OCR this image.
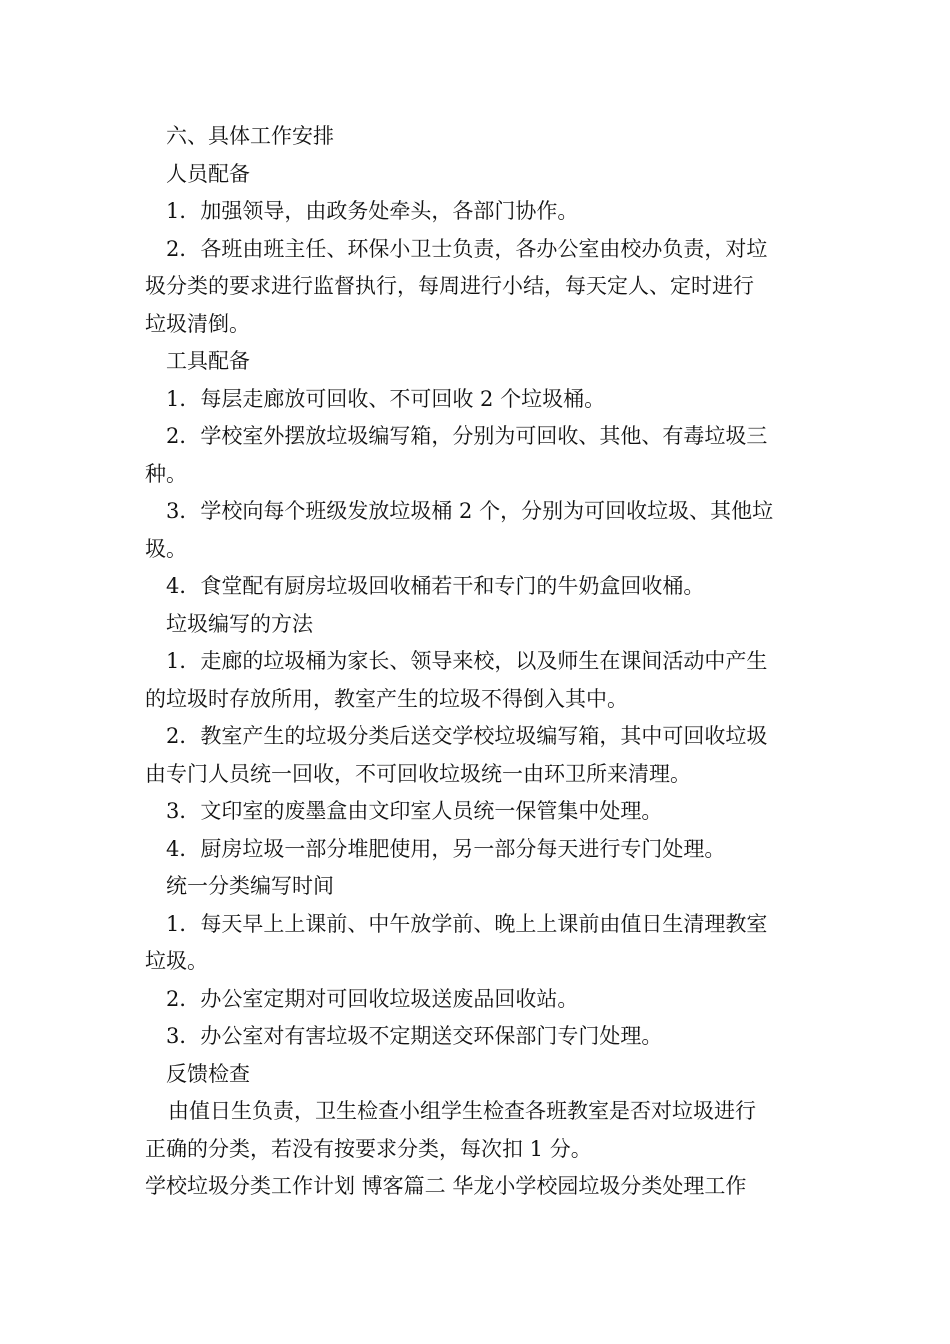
六、具体工作安排
人员配备
1．加强领导，由政务处牵头，各部门协作。
2．各班由班主任、环保小卫士负责，各办公室由校办负责，对垃
圾分类的要求进行监督执行，每周进行小结，每天定人、定时进行
垃圾清倒。
工具配备
1．每层走廊放可回收、不可回收 2 个垃圾桶。
2．学校室外摆放垃圾编写箱，分别为可回收、其他、有毒垃圾三
种。
3．学校向每个班级发放垃圾桶 2 个，分别为可回收垃圾、其他垃
圾。
4．食堂配有厨房垃圾回收桶若干和专门的牛奶盒回收桶。
垃圾编写的方法
1．走廊的垃圾桶为家长、领导来校，以及师生在课间活动中产生
的垃圾时存放所用，教室产生的垃圾不得倒入其中。
2．教室产生的垃圾分类后送交学校垃圾编写箱，其中可回收垃圾
由专门人员统一回收，不可回收垃圾统一由环卫所来清理。
3．文印室的废墨盒由文印室人员统一保管集中处理。
4．厨房垃圾一部分堆肥使用，另一部分每天进行专门处理。
统一分类编写时间
1．每天早上上课前、中午放学前、晚上上课前由值日生清理教室
垃圾。
2．办公室定期对可回收垃圾送废品回收站。
3．办公室对有害垃圾不定期送交环保部门专门处理。
反馈检查
由值日生负责，卫生检查小组学生检查各班教室是否对垃圾进行
正确的分类，若没有按要求分类，每次扣 1 分。
学校垃圾分类工作计划 博客篇二 华龙小学校园垃圾分类处理工作
